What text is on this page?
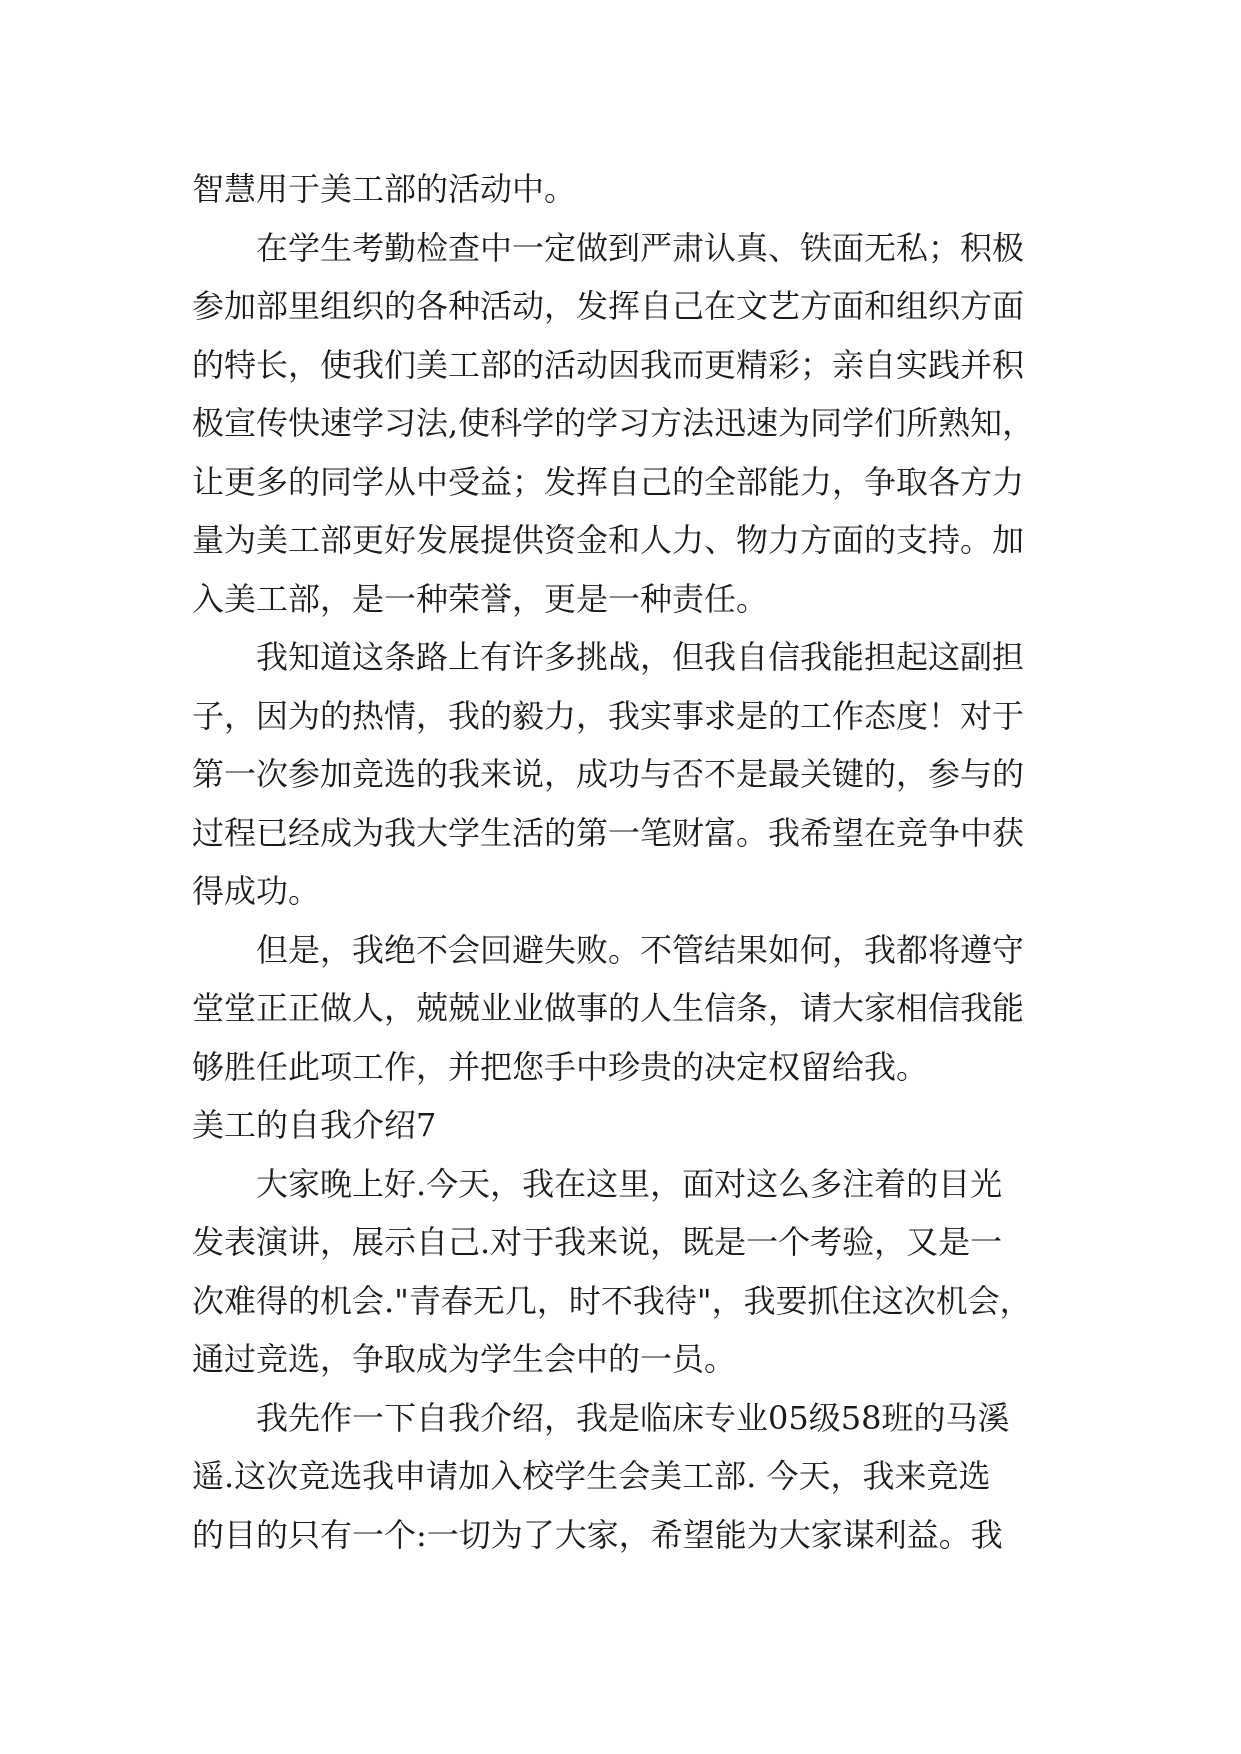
智慧用于美工部的活动中。
在学生考勤检查中一定做到严肃认真、铁面无私；积极
参加部里组织的各种活动，发挥自己在文艺方面和组织方面
的特长，使我们美工部的活动因我而更精彩；亲自实践并积
极宣传快速学习法,使科学的学习方法迅速为同学们所熟知，
让更多的同学从中受益；发挥自己的全部能力，争取各方力
量为美工部更好发展提供资金和人力、物力方面的支持。加
入美工部，是一种荣誉，更是一种责任。
我知道这条路上有许多挑战，但我自信我能担起这副担
子，因为的热情，我的毅力，我实事求是的工作态度！对于
第一次参加竞选的我来说，成功与否不是最关键的，参与的
过程已经成为我大学生活的第一笔财富。我希望在竞争中获
得成功。
但是，我绝不会回避失败。不管结果如何，我都将遵守
堂堂正正做人，兢兢业业做事的人生信条，请大家相信我能
够胜任此项工作，并把您手中珍贵的决定权留给我。
美工的自我介绍7
大家晚上好.今天，我在这里，面对这么多注着的目光
发表演讲，展示自己.对于我来说，既是一个考验，又是一
次难得的机会."青春无几，时不我待"，我要抓住这次机会，
通过竞选，争取成为学生会中的一员。
我先作一下自我介绍，我是临床专业05级58班的马溪
遥.这次竞选我申请加入校学生会美工部. 今天，我来竞选
的目的只有一个:一切为了大家，希望能为大家谋利益。我
